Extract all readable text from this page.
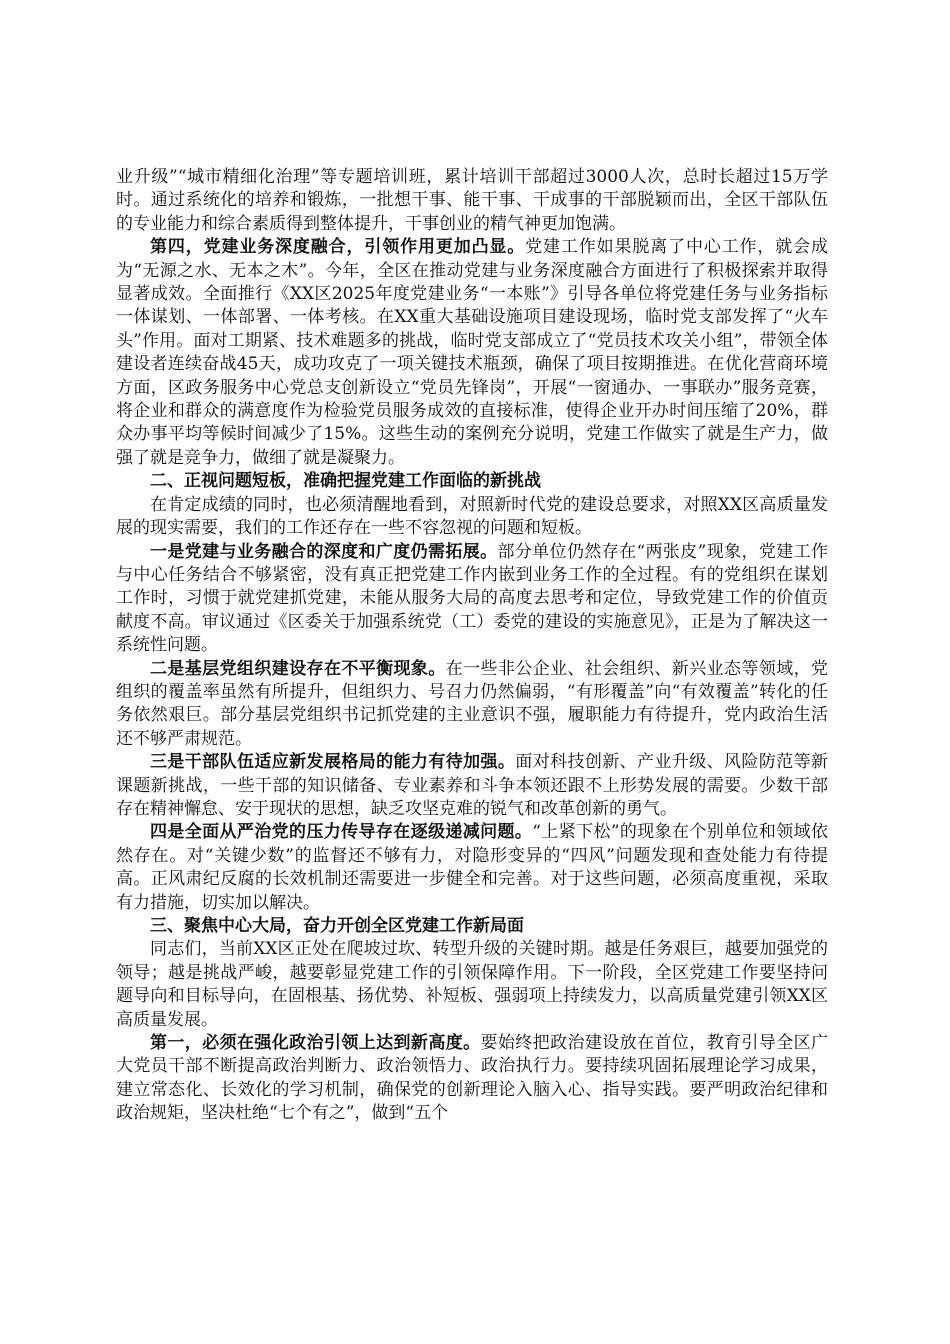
业升级”“城市精细化治理”等专题培训班，累计培训干部超过3000人次，总时长超过15万学时。通过系统化的培养和锻炼，一批想干事、能干事、干成事的干部脱颖而出，全区干部队伍的专业能力和综合素质得到整体提升，干事创业的精气神更加饱满。

第四，党建业务深度融合，引领作用更加凸显。党建工作如果脱离了中心工作，就会成为“无源之水、无本之木”。今年，全区在推动党建与业务深度融合方面进行了积极探索并取得显著成效。全面推行《XX区2025年度党建业务“一本账”》引导各单位将党建任务与业务指标一体谋划、一体部署、一体考核。在XX重大基础设施项目建设现场，临时党支部发挥了“火车头”作用。面对工期紧、技术难题多的挑战，临时党支部成立了“党员技术攻关小组”，带领全体建设者连续奋战45天，成功攻克了一项关键技术瓶颈，确保了项目按期推进。在优化营商环境方面，区政务服务中心党总支创新设立“党员先锋岗”，开展“一窗通办、一事联办”服务竞赛，将企业和群众的满意度作为检验党员服务成效的直接标准，使得企业开办时间压缩了20%，群众办事平均等候时间减少了15%。这些生动的案例充分说明，党建工作做实了就是生产力，做强了就是竞争力，做细了就是凝聚力。

二、正视问题短板，准确把握党建工作面临的新挑战

在肯定成绩的同时，也必须清醒地看到，对照新时代党的建设总要求，对照XX区高质量发展的现实需要，我们的工作还存在一些不容忽视的问题和短板。

一是党建与业务融合的深度和广度仍需拓展。部分单位仍然存在“两张皮”现象，党建工作与中心任务结合不够紧密，没有真正把党建工作内嵌到业务工作的全过程。有的党组织在谋划工作时，习惯于就党建抓党建，未能从服务大局的高度去思考和定位，导致党建工作的价值贡献度不高。审议通过《区委关于加强系统党（工）委党的建设的实施意见》，正是为了解决这一系统性问题。

二是基层党组织建设存在不平衡现象。在一些非公企业、社会组织、新兴业态等领域，党组织的覆盖率虽然有所提升，但组织力、号召力仍然偏弱，“有形覆盖”向“有效覆盖”转化的任务依然艰巨。部分基层党组织书记抓党建的主业意识不强，履职能力有待提升，党内政治生活还不够严肃规范。

三是干部队伍适应新发展格局的能力有待加强。面对科技创新、产业升级、风险防范等新课题新挑战，一些干部的知识储备、专业素养和斗争本领还跟不上形势发展的需要。少数干部存在精神懈怠、安于现状的思想，缺乏攻坚克难的锐气和改革创新的勇气。

四是全面从严治党的压力传导存在逐级递减问题。“上紧下松”的现象在个别单位和领域依然存在。对“关键少数”的监督还不够有力，对隐形变异的“四风”问题发现和查处能力有待提高。正风肃纪反腐的长效机制还需要进一步健全和完善。对于这些问题，必须高度重视，采取有力措施，切实加以解决。

三、聚焦中心大局，奋力开创全区党建工作新局面

同志们，当前XX区正处在爬坡过坎、转型升级的关键时期。越是任务艰巨，越要加强党的领导；越是挑战严峻，越要彰显党建工作的引领保障作用。下一阶段，全区党建工作要坚持问题导向和目标导向，在固根基、扬优势、补短板、强弱项上持续发力，以高质量党建引领XX区高质量发展。

第一，必须在强化政治引领上达到新高度。要始终把政治建设放在首位，教育引导全区广大党员干部不断提高政治判断力、政治领悟力、政治执行力。要持续巩固拓展理论学习成果，建立常态化、长效化的学习机制，确保党的创新理论入脑入心、指导实践。要严明政治纪律和政治规矩，坚决杜绝“七个有之”，做到“五个
